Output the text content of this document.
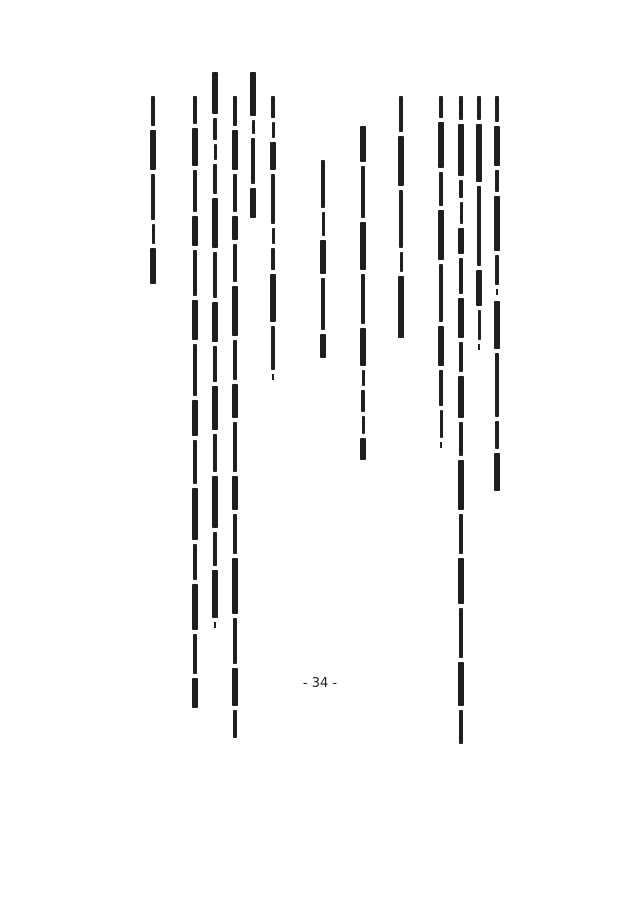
- 34 -
